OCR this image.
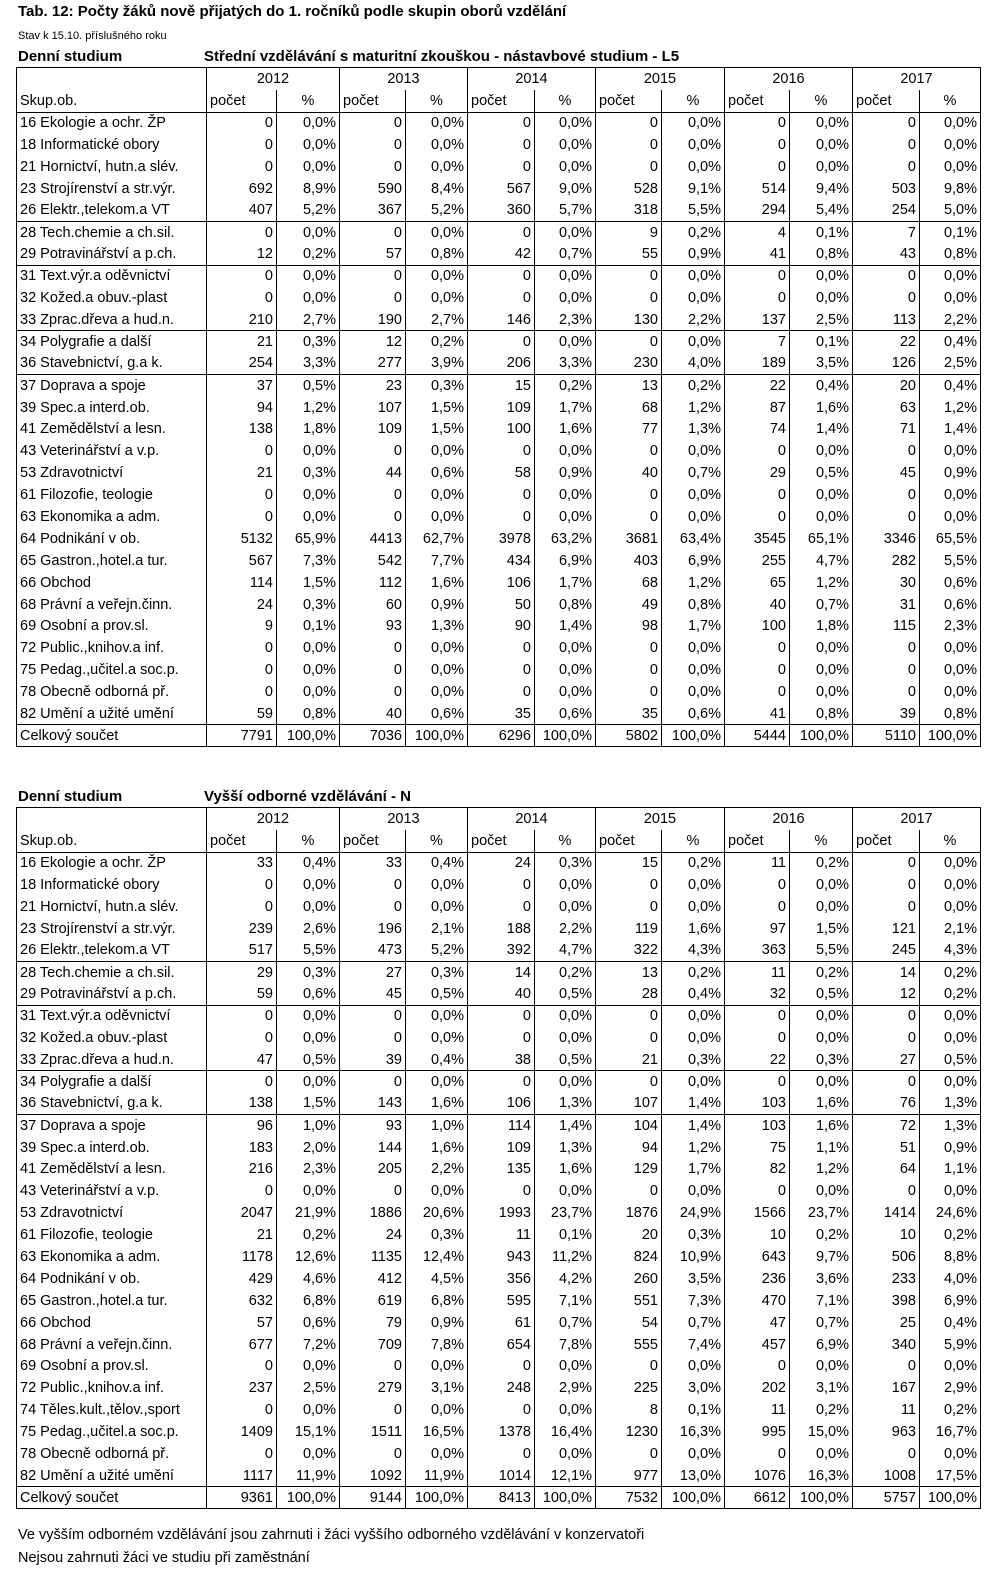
Tab. 12: Počty žáků nově přijatých do 1. ročníků podle skupin oborů vzdělání
Stav k 15.10. příslušného roku
Denní studium	Střední vzdělávání s maturitní zkouškou - nástavbové studium - L5
	2012		2013		2014		2015		2016		2017	
Skup.ob.	počet	%	počet	%	počet	%	počet	%	počet	%	počet	%
16 Ekologie a ochr. ŽP	0	0,0%	0	0,0%	0	0,0%	0	0,0%	0	0,0%	0	0,0%
18 Informatické obory	0	0,0%	0	0,0%	0	0,0%	0	0,0%	0	0,0%	0	0,0%
21 Hornictví, hutn.a slév.	0	0,0%	0	0,0%	0	0,0%	0	0,0%	0	0,0%	0	0,0%
23 Strojírenství a str.výr.	692	8,9%	590	8,4%	567	9,0%	528	9,1%	514	9,4%	503	9,8%
26 Elektr.,telekom.a VT	407	5,2%	367	5,2%	360	5,7%	318	5,5%	294	5,4%	254	5,0%
28 Tech.chemie a ch.sil.	0	0,0%	0	0,0%	0	0,0%	9	0,2%	4	0,1%	7	0,1%
29 Potravinářství a p.ch.	12	0,2%	57	0,8%	42	0,7%	55	0,9%	41	0,8%	43	0,8%
31 Text.výr.a oděvnictví	0	0,0%	0	0,0%	0	0,0%	0	0,0%	0	0,0%	0	0,0%
32 Kožed.a obuv.-plast	0	0,0%	0	0,0%	0	0,0%	0	0,0%	0	0,0%	0	0,0%
33 Zprac.dřeva a hud.n.	210	2,7%	190	2,7%	146	2,3%	130	2,2%	137	2,5%	113	2,2%
34 Polygrafie a další	21	0,3%	12	0,2%	0	0,0%	0	0,0%	7	0,1%	22	0,4%
36 Stavebnictví, g.a k.	254	3,3%	277	3,9%	206	3,3%	230	4,0%	189	3,5%	126	2,5%
37 Doprava a spoje	37	0,5%	23	0,3%	15	0,2%	13	0,2%	22	0,4%	20	0,4%
39 Spec.a interd.ob.	94	1,2%	107	1,5%	109	1,7%	68	1,2%	87	1,6%	63	1,2%
41 Zemědělství a lesn.	138	1,8%	109	1,5%	100	1,6%	77	1,3%	74	1,4%	71	1,4%
43 Veterinářství a v.p.	0	0,0%	0	0,0%	0	0,0%	0	0,0%	0	0,0%	0	0,0%
53 Zdravotnictví	21	0,3%	44	0,6%	58	0,9%	40	0,7%	29	0,5%	45	0,9%
61 Filozofie, teologie	0	0,0%	0	0,0%	0	0,0%	0	0,0%	0	0,0%	0	0,0%
63 Ekonomika a adm.	0	0,0%	0	0,0%	0	0,0%	0	0,0%	0	0,0%	0	0,0%
64 Podnikání v ob.	5132	65,9%	4413	62,7%	3978	63,2%	3681	63,4%	3545	65,1%	3346	65,5%
65 Gastron.,hotel.a tur.	567	7,3%	542	7,7%	434	6,9%	403	6,9%	255	4,7%	282	5,5%
66 Obchod	114	1,5%	112	1,6%	106	1,7%	68	1,2%	65	1,2%	30	0,6%
68 Právní a veřejn.činn.	24	0,3%	60	0,9%	50	0,8%	49	0,8%	40	0,7%	31	0,6%
69 Osobní a prov.sl.	9	0,1%	93	1,3%	90	1,4%	98	1,7%	100	1,8%	115	2,3%
72 Public.,knihov.a inf.	0	0,0%	0	0,0%	0	0,0%	0	0,0%	0	0,0%	0	0,0%
75 Pedag.,učitel.a soc.p.	0	0,0%	0	0,0%	0	0,0%	0	0,0%	0	0,0%	0	0,0%
78 Obecně odborná př.	0	0,0%	0	0,0%	0	0,0%	0	0,0%	0	0,0%	0	0,0%
82 Umění a užité umění	59	0,8%	40	0,6%	35	0,6%	35	0,6%	41	0,8%	39	0,8%
Celkový součet	7791	100,0%	7036	100,0%	6296	100,0%	5802	100,0%	5444	100,0%	5110	100,0%
Denní studium	Vyšší odborné vzdělávání - N
	2012		2013		2014		2015		2016		2017	
Skup.ob.	počet	%	počet	%	počet	%	počet	%	počet	%	počet	%
16 Ekologie a ochr. ŽP	33	0,4%	33	0,4%	24	0,3%	15	0,2%	11	0,2%	0	0,0%
18 Informatické obory	0	0,0%	0	0,0%	0	0,0%	0	0,0%	0	0,0%	0	0,0%
21 Hornictví, hutn.a slév.	0	0,0%	0	0,0%	0	0,0%	0	0,0%	0	0,0%	0	0,0%
23 Strojírenství a str.výr.	239	2,6%	196	2,1%	188	2,2%	119	1,6%	97	1,5%	121	2,1%
26 Elektr.,telekom.a VT	517	5,5%	473	5,2%	392	4,7%	322	4,3%	363	5,5%	245	4,3%
28 Tech.chemie a ch.sil.	29	0,3%	27	0,3%	14	0,2%	13	0,2%	11	0,2%	14	0,2%
29 Potravinářství a p.ch.	59	0,6%	45	0,5%	40	0,5%	28	0,4%	32	0,5%	12	0,2%
31 Text.výr.a oděvnictví	0	0,0%	0	0,0%	0	0,0%	0	0,0%	0	0,0%	0	0,0%
32 Kožed.a obuv.-plast	0	0,0%	0	0,0%	0	0,0%	0	0,0%	0	0,0%	0	0,0%
33 Zprac.dřeva a hud.n.	47	0,5%	39	0,4%	38	0,5%	21	0,3%	22	0,3%	27	0,5%
34 Polygrafie a další	0	0,0%	0	0,0%	0	0,0%	0	0,0%	0	0,0%	0	0,0%
36 Stavebnictví, g.a k.	138	1,5%	143	1,6%	106	1,3%	107	1,4%	103	1,6%	76	1,3%
37 Doprava a spoje	96	1,0%	93	1,0%	114	1,4%	104	1,4%	103	1,6%	72	1,3%
39 Spec.a interd.ob.	183	2,0%	144	1,6%	109	1,3%	94	1,2%	75	1,1%	51	0,9%
41 Zemědělství a lesn.	216	2,3%	205	2,2%	135	1,6%	129	1,7%	82	1,2%	64	1,1%
43 Veterinářství a v.p.	0	0,0%	0	0,0%	0	0,0%	0	0,0%	0	0,0%	0	0,0%
53 Zdravotnictví	2047	21,9%	1886	20,6%	1993	23,7%	1876	24,9%	1566	23,7%	1414	24,6%
61 Filozofie, teologie	21	0,2%	24	0,3%	11	0,1%	20	0,3%	10	0,2%	10	0,2%
63 Ekonomika a adm.	1178	12,6%	1135	12,4%	943	11,2%	824	10,9%	643	9,7%	506	8,8%
64 Podnikání v ob.	429	4,6%	412	4,5%	356	4,2%	260	3,5%	236	3,6%	233	4,0%
65 Gastron.,hotel.a tur.	632	6,8%	619	6,8%	595	7,1%	551	7,3%	470	7,1%	398	6,9%
66 Obchod	57	0,6%	79	0,9%	61	0,7%	54	0,7%	47	0,7%	25	0,4%
68 Právní a veřejn.činn.	677	7,2%	709	7,8%	654	7,8%	555	7,4%	457	6,9%	340	5,9%
69 Osobní a prov.sl.	0	0,0%	0	0,0%	0	0,0%	0	0,0%	0	0,0%	0	0,0%
72 Public.,knihov.a inf.	237	2,5%	279	3,1%	248	2,9%	225	3,0%	202	3,1%	167	2,9%
74 Těles.kult.,tělov.,sport	0	0,0%	0	0,0%	0	0,0%	8	0,1%	11	0,2%	11	0,2%
75 Pedag.,učitel.a soc.p.	1409	15,1%	1511	16,5%	1378	16,4%	1230	16,3%	995	15,0%	963	16,7%
78 Obecně odborná př.	0	0,0%	0	0,0%	0	0,0%	0	0,0%	0	0,0%	0	0,0%
82 Umění a užité umění	1117	11,9%	1092	11,9%	1014	12,1%	977	13,0%	1076	16,3%	1008	17,5%
Celkový součet	9361	100,0%	9144	100,0%	8413	100,0%	7532	100,0%	6612	100,0%	5757	100,0%
Ve vyšším odborném vzdělávání jsou zahrnuti i žáci vyššího odborného vzdělávání v konzervatoři
Nejsou zahrnuti žáci ve studiu při zaměstnání
